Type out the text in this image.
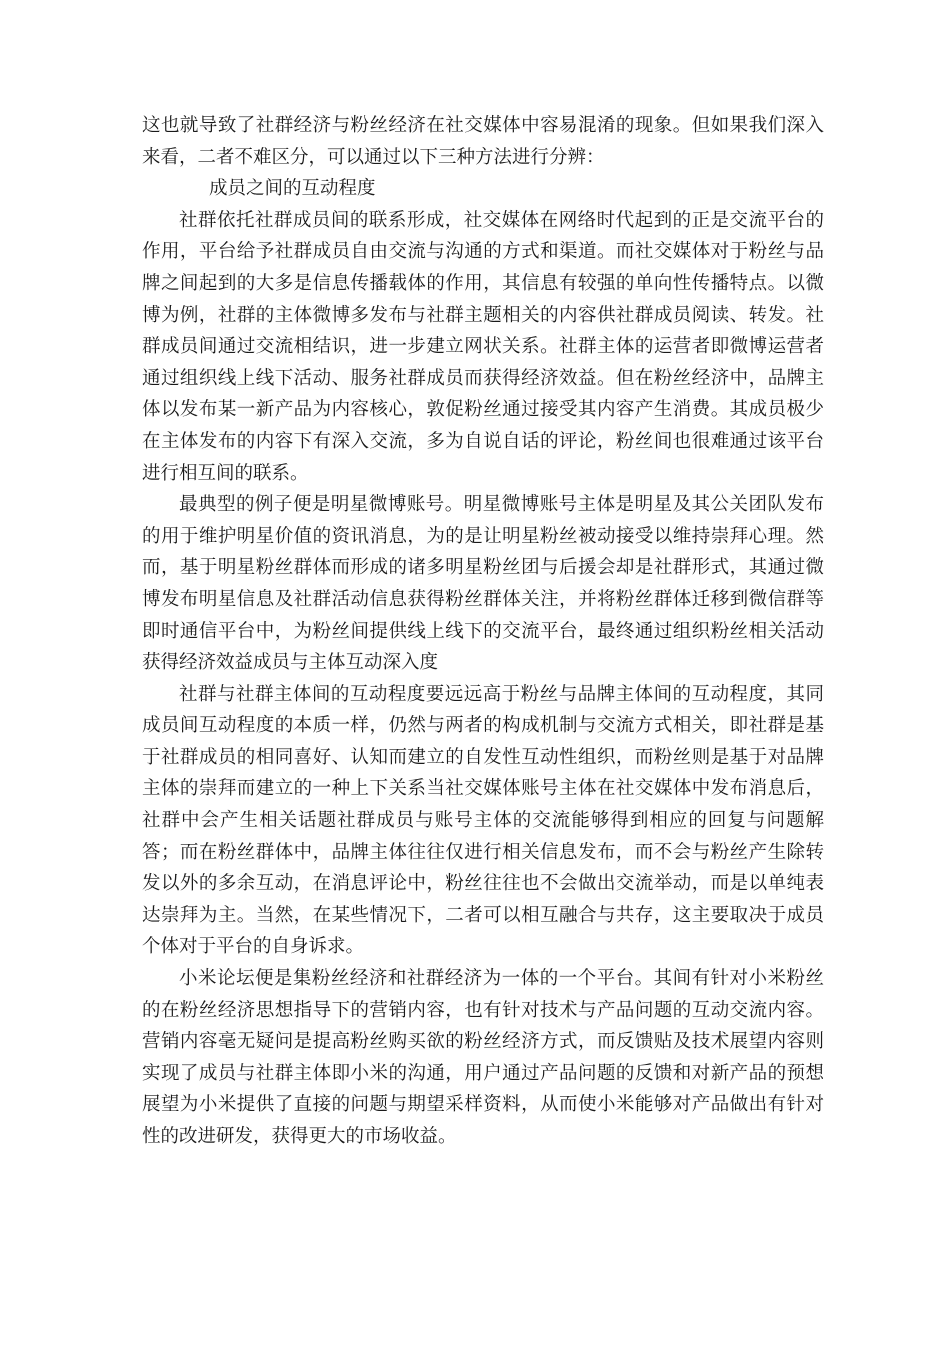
这也就导致了社群经济与粉丝经济在社交媒体中容易混淆的现象。但如果我们深入来看，二者不难区分，可以通过以下三种方法进行分辨：

成员之间的互动程度

社群依托社群成员间的联系形成，社交媒体在网络时代起到的正是交流平台的作用，平台给予社群成员自由交流与沟通的方式和渠道。而社交媒体对于粉丝与品牌之间起到的大多是信息传播载体的作用，其信息有较强的单向性传播特点。以微博为例，社群的主体微博多发布与社群主题相关的内容供社群成员阅读、转发。社群成员间通过交流相结识，进一步建立网状关系。社群主体的运营者即微博运营者通过组织线上线下活动、服务社群成员而获得经济效益。但在粉丝经济中，品牌主体以发布某一新产品为内容核心，敦促粉丝通过接受其内容产生消费。其成员极少在主体发布的内容下有深入交流，多为自说自话的评论，粉丝间也很难通过该平台进行相互间的联系。

最典型的例子便是明星微博账号。明星微博账号主体是明星及其公关团队发布的用于维护明星价值的资讯消息，为的是让明星粉丝被动接受以维持崇拜心理。然而，基于明星粉丝群体而形成的诸多明星粉丝团与后援会却是社群形式，其通过微博发布明星信息及社群活动信息获得粉丝群体关注，并将粉丝群体迁移到微信群等即时通信平台中，为粉丝间提供线上线下的交流平台，最终通过组织粉丝相关活动获得经济效益成员与主体互动深入度

社群与社群主体间的互动程度要远远高于粉丝与品牌主体间的互动程度，其同成员间互动程度的本质一样，仍然与两者的构成机制与交流方式相关，即社群是基于社群成员的相同喜好、认知而建立的自发性互动性组织，而粉丝则是基于对品牌主体的崇拜而建立的一种上下关系当社交媒体账号主体在社交媒体中发布消息后，社群中会产生相关话题社群成员与账号主体的交流能够得到相应的回复与问题解答；而在粉丝群体中，品牌主体往往仅进行相关信息发布，而不会与粉丝产生除转发以外的多余互动，在消息评论中，粉丝往往也不会做出交流举动，而是以单纯表达崇拜为主。当然，在某些情况下，二者可以相互融合与共存，这主要取决于成员个体对于平台的自身诉求。

小米论坛便是集粉丝经济和社群经济为一体的一个平台。其间有针对小米粉丝的在粉丝经济思想指导下的营销内容，也有针对技术与产品问题的互动交流内容。营销内容毫无疑问是提高粉丝购买欲的粉丝经济方式，而反馈贴及技术展望内容则实现了成员与社群主体即小米的沟通，用户通过产品问题的反馈和对新产品的预想展望为小米提供了直接的问题与期望采样资料，从而使小米能够对产品做出有针对性的改进研发，获得更大的市场收益。
